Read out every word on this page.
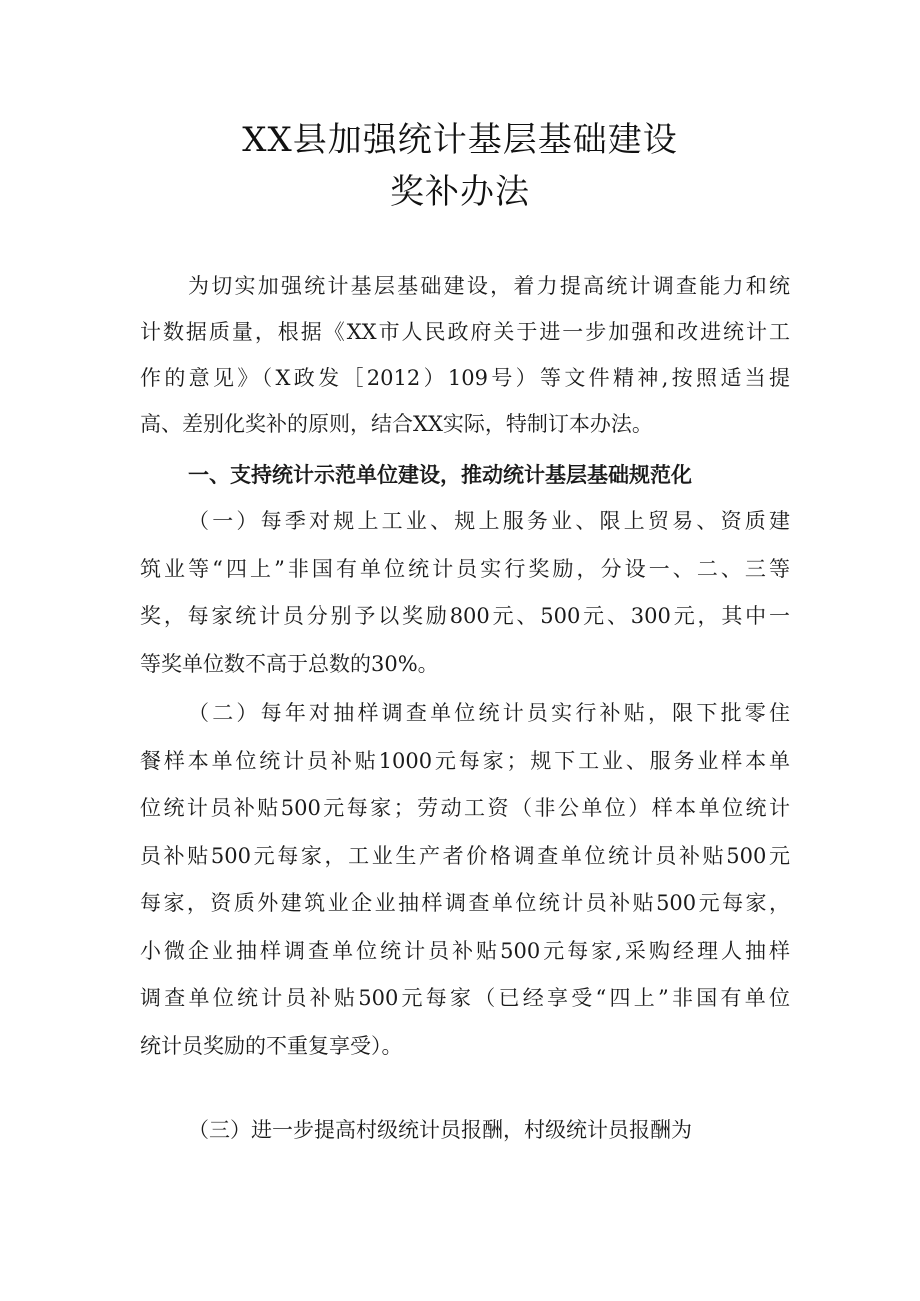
XX县加强统计基层基础建设
奖补办法
为切实加强统计基层基础建设，着力提高统计调查能力和统
计数据质量，根据《XX市人民政府关于进一步加强和改进统计工
作的意见》（X政发［2012）109号）等文件精神,按照适当提
高、差别化奖补的原则，结合XX实际，特制订本办法。
一、支持统计示范单位建设，推动统计基层基础规范化
（一）每季对规上工业、规上服务业、限上贸易、资质建
筑业等“四上”非国有单位统计员实行奖励，分设一、二、三等
奖，每家统计员分别予以奖励800元、500元、300元，其中一
等奖单位数不高于总数的30%。
（二）每年对抽样调查单位统计员实行补贴，限下批零住
餐样本单位统计员补贴1000元每家；规下工业、服务业样本单
位统计员补贴500元每家；劳动工资（非公单位）样本单位统计
员补贴500元每家，工业生产者价格调查单位统计员补贴500元
每家，资质外建筑业企业抽样调查单位统计员补贴500元每家，
小微企业抽样调查单位统计员补贴500元每家,采购经理人抽样
调查单位统计员补贴500元每家（已经享受“四上”非国有单位
统计员奖励的不重复享受）。
（三）进一步提高村级统计员报酬，村级统计员报酬为
